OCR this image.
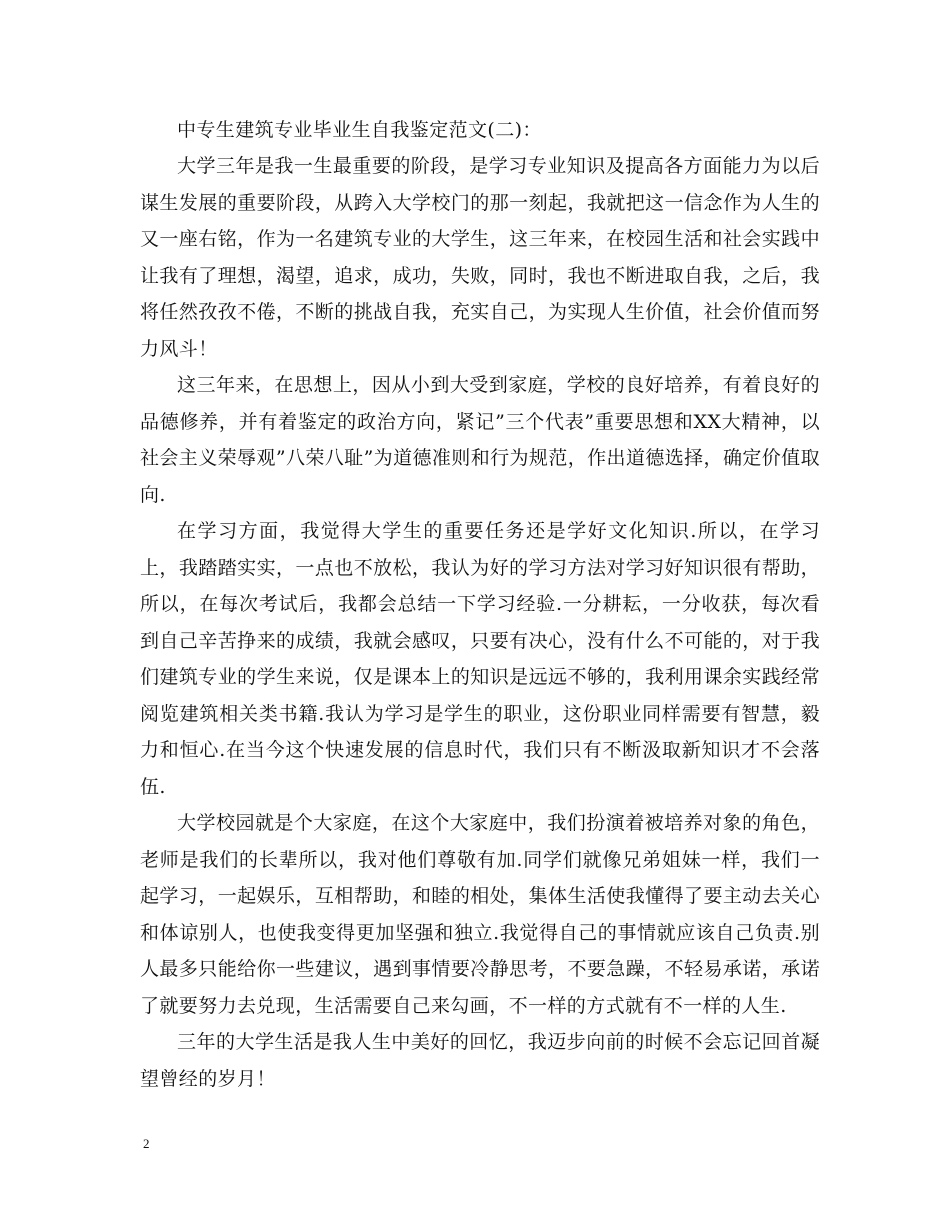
中专生建筑专业毕业生自我鉴定范文(二)：

大学三年是我一生最重要的阶段，是学习专业知识及提高各方面能力为以后谋生发展的重要阶段，从跨入大学校门的那一刻起，我就把这一信念作为人生的又一座右铭，作为一名建筑专业的大学生，这三年来，在校园生活和社会实践中让我有了理想，渴望，追求，成功，失败，同时，我也不断进取自我，之后，我将任然孜孜不倦，不断的挑战自我，充实自己，为实现人生价值，社会价值而努力风斗！

这三年来，在思想上，因从小到大受到家庭，学校的良好培养，有着良好的品德修养，并有着鉴定的政治方向，紧记”三个代表”重要思想和XX大精神，以社会主义荣辱观”八荣八耻”为道德准则和行为规范，作出道德选择，确定价值取向.

在学习方面，我觉得大学生的重要任务还是学好文化知识.所以，在学习上，我踏踏实实，一点也不放松，我认为好的学习方法对学习好知识很有帮助，所以，在每次考试后，我都会总结一下学习经验.一分耕耘，一分收获，每次看到自己辛苦挣来的成绩，我就会感叹，只要有决心，没有什么不可能的，对于我们建筑专业的学生来说，仅是课本上的知识是远远不够的，我利用课余实践经常阅览建筑相关类书籍.我认为学习是学生的职业，这份职业同样需要有智慧，毅力和恒心.在当今这个快速发展的信息时代，我们只有不断汲取新知识才不会落伍.

大学校园就是个大家庭，在这个大家庭中，我们扮演着被培养对象的角色，老师是我们的长辈所以，我对他们尊敬有加.同学们就像兄弟姐妹一样，我们一起学习，一起娱乐，互相帮助，和睦的相处，集体生活使我懂得了要主动去关心和体谅别人，也使我变得更加坚强和独立.我觉得自己的事情就应该自己负责.别人最多只能给你一些建议，遇到事情要冷静思考，不要急躁，不轻易承诺，承诺了就要努力去兑现，生活需要自己来勾画，不一样的方式就有不一样的人生.

三年的大学生活是我人生中美好的回忆，我迈步向前的时候不会忘记回首凝望曾经的岁月！

2
